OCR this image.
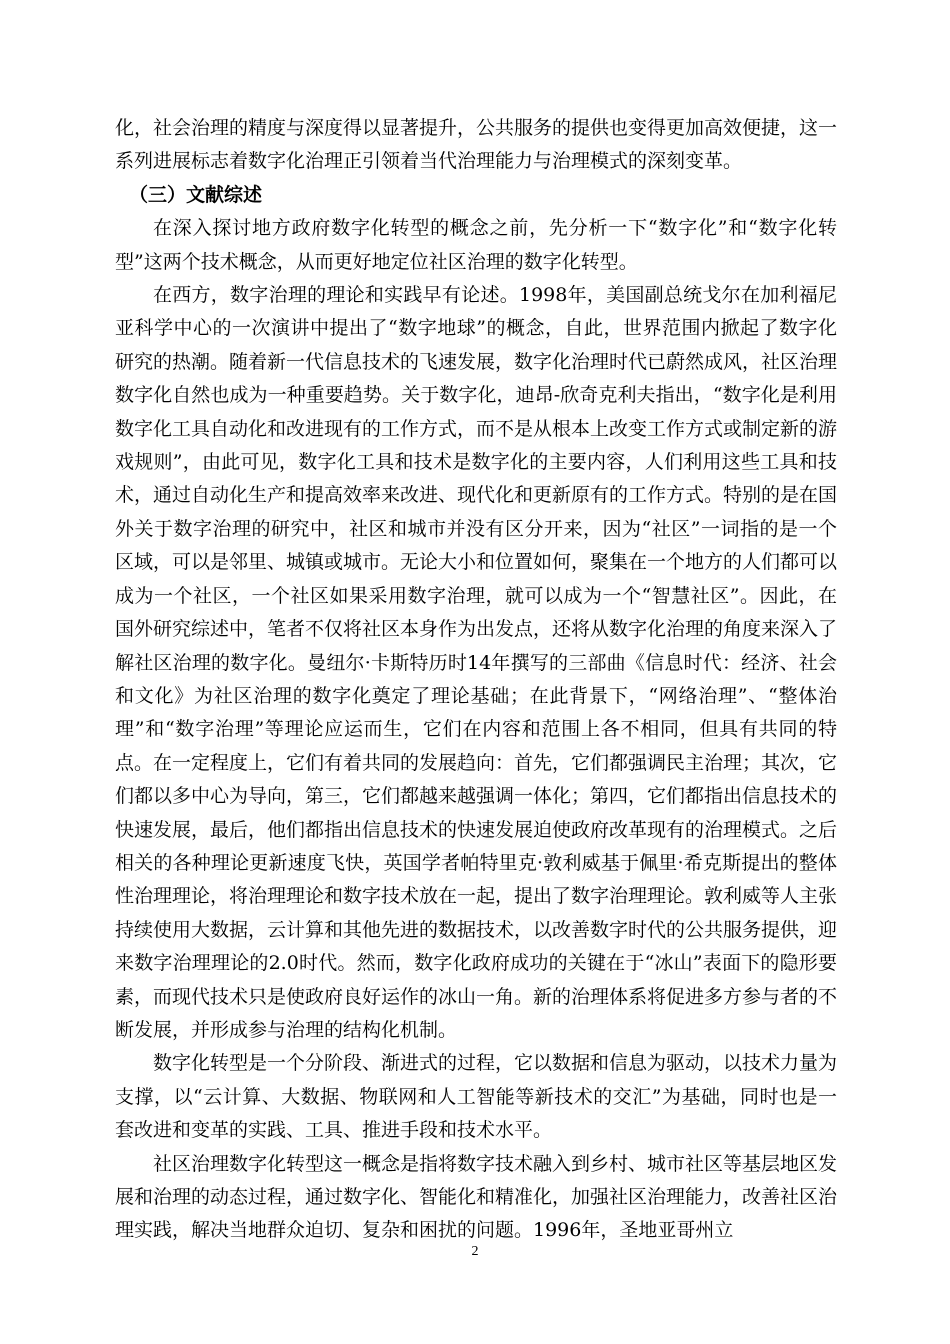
化，社会治理的精度与深度得以显著提升，公共服务的提供也变得更加高效便捷，这一系列进展标志着数字化治理正引领着当代治理能力与治理模式的深刻变革。

（三）文献综述

在深入探讨地方政府数字化转型的概念之前，先分析一下“数字化”和“数字化转型”这两个技术概念，从而更好地定位社区治理的数字化转型。

在西方，数字治理的理论和实践早有论述。1998年，美国副总统戈尔在加利福尼亚科学中心的一次演讲中提出了“数字地球”的概念，自此，世界范围内掀起了数字化研究的热潮。随着新一代信息技术的飞速发展，数字化治理时代已蔚然成风，社区治理数字化自然也成为一种重要趋势。关于数字化，迪昂-欣奇克利夫指出，“数字化是利用数字化工具自动化和改进现有的工作方式，而不是从根本上改变工作方式或制定新的游戏规则”，由此可见，数字化工具和技术是数字化的主要内容，人们利用这些工具和技术，通过自动化生产和提高效率来改进、现代化和更新原有的工作方式。特别的是在国外关于数字治理的研究中，社区和城市并没有区分开来，因为“社区”一词指的是一个区域，可以是邻里、城镇或城市。无论大小和位置如何，聚集在一个地方的人们都可以成为一个社区，一个社区如果采用数字治理，就可以成为一个“智慧社区”。因此，在国外研究综述中，笔者不仅将社区本身作为出发点，还将从数字化治理的角度来深入了解社区治理的数字化。曼纽尔·卡斯特历时14年撰写的三部曲《信息时代：经济、社会和文化》为社区治理的数字化奠定了理论基础；在此背景下，“网络治理”、“整体治理”和“数字治理”等理论应运而生，它们在内容和范围上各不相同，但具有共同的特点。在一定程度上，它们有着共同的发展趋向：首先，它们都强调民主治理；其次，它们都以多中心为导向，第三，它们都越来越强调一体化；第四，它们都指出信息技术的快速发展，最后，他们都指出信息技术的快速发展迫使政府改革现有的治理模式。之后相关的各种理论更新速度飞快，英国学者帕特里克·敦利威基于佩里·希克斯提出的整体性治理理论，将治理理论和数字技术放在一起，提出了数字治理理论。敦利威等人主张持续使用大数据，云计算和其他先进的数据技术，以改善数字时代的公共服务提供，迎来数字治理理论的2.0时代。然而，数字化政府成功的关键在于“冰山”表面下的隐形要素，而现代技术只是使政府良好运作的冰山一角。新的治理体系将促进多方参与者的不断发展，并形成参与治理的结构化机制。

数字化转型是一个分阶段、渐进式的过程，它以数据和信息为驱动，以技术力量为支撑，以“云计算、大数据、物联网和人工智能等新技术的交汇”为基础，同时也是一套改进和变革的实践、工具、推进手段和技术水平。

社区治理数字化转型这一概念是指将数字技术融入到乡村、城市社区等基层地区发展和治理的动态过程，通过数字化、智能化和精准化，加强社区治理能力，改善社区治理实践，解决当地群众迫切、复杂和困扰的问题。1996年，圣地亚哥州立

2
